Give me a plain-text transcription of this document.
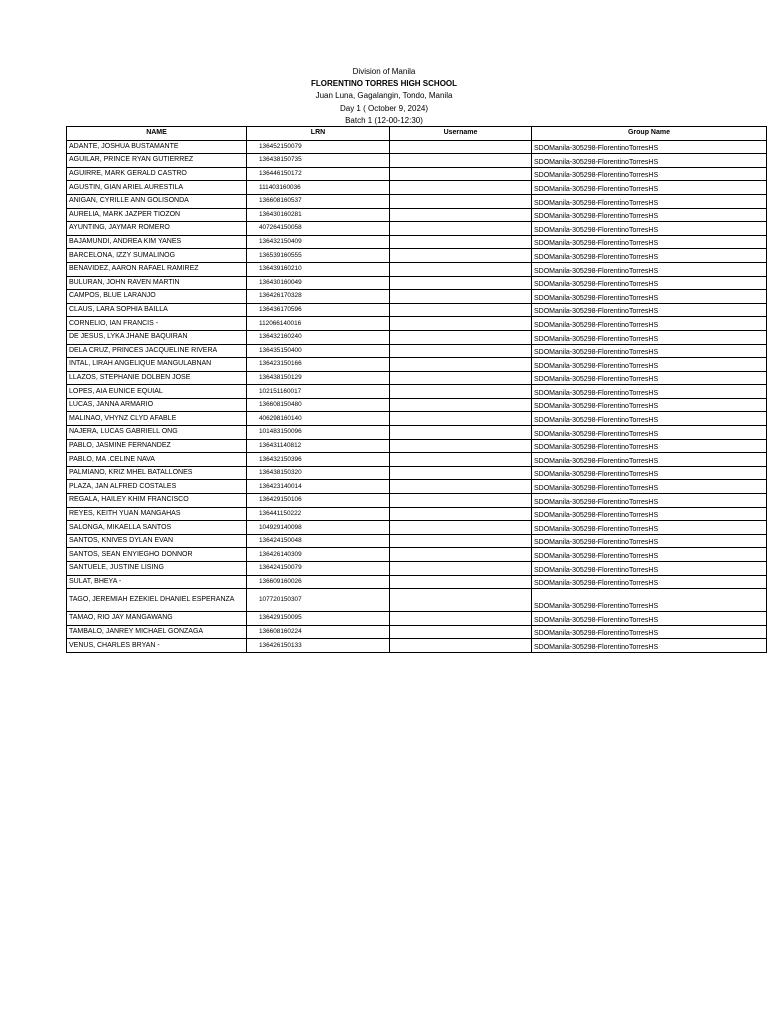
Division of Manila
FLORENTINO TORRES HIGH SCHOOL
Juan Luna, Gagalangin, Tondo, Manila
Day 1 ( October 9, 2024)
Batch 1 (12-00-12:30)
NAME	LRN	Username	Group Name
ADANTE, JOSHUA BUSTAMANTE	136452150079		SDOManila-305298-FlorentinoTorresHS
AGUILAR, PRINCE RYAN GUTIERREZ	136438150735		SDOManila-305298-FlorentinoTorresHS
AGUIRRE, MARK GERALD CASTRO	136446150172		SDOManila-305298-FlorentinoTorresHS
AGUSTIN, GIAN ARIEL AURESTILA	111403160036		SDOManila-305298-FlorentinoTorresHS
ANIGAN, CYRILLE ANN GOLISONDA	136608160537		SDOManila-305298-FlorentinoTorresHS
AURELIA, MARK JAZPER TIOZON	136430160281		SDOManila-305298-FlorentinoTorresHS
AYUNTING, JAYMAR ROMERO	407264150058		SDOManila-305298-FlorentinoTorresHS
BAJAMUNDI, ANDREA KIM YANES	136432150409		SDOManila-305298-FlorentinoTorresHS
BARCELONA, IZZY SUMALINOG	136539160555		SDOManila-305298-FlorentinoTorresHS
BENAVIDEZ, AARON RAFAEL RAMIREZ	136439160210		SDOManila-305298-FlorentinoTorresHS
BULURAN, JOHN RAVEN MARTIN	136430160049		SDOManila-305298-FlorentinoTorresHS
CAMPOS, BLUE LARANJO	136426170328		SDOManila-305298-FlorentinoTorresHS
CLAUS, LARA SOPHIA BAILLA	136436170596		SDOManila-305298-FlorentinoTorresHS
CORNELIO, IAN FRANCIS -	112066140016		SDOManila-305298-FlorentinoTorresHS
DE JESUS, LYKA JHANE BAQUIRAN	136432160240		SDOManila-305298-FlorentinoTorresHS
DELA CRUZ, PRINCES JACQUELINE RIVERA	136435150400		SDOManila-305298-FlorentinoTorresHS
INTAL, LIRAH ANGELIQUE MANGULABNAN	136423150166		SDOManila-305298-FlorentinoTorresHS
LLAZOS, STEPHANIE DOLBEN JOSE	136438150129		SDOManila-305298-FlorentinoTorresHS
LOPES, AIA EUNICE EQUIAL	102151160017		SDOManila-305298-FlorentinoTorresHS
LUCAS, JANNA ARMARIO	136608150480		SDOManila-305298-FlorentinoTorresHS
MALINAO, VHYNZ CLYD AFABLE	406298160140		SDOManila-305298-FlorentinoTorresHS
NAJERA, LUCAS GABRIELL ONG	101483150096		SDOManila-305298-FlorentinoTorresHS
PABLO, JASMINE FERNANDEZ	136431140812		SDOManila-305298-FlorentinoTorresHS
PABLO, MA .CELINE NAVA	136432150396		SDOManila-305298-FlorentinoTorresHS
PALMIANO, KRIZ MHEL BATALLONES	136438150320		SDOManila-305298-FlorentinoTorresHS
PLAZA, JAN ALFRED COSTALES	136423140014		SDOManila-305298-FlorentinoTorresHS
REGALA, HAILEY KHIM FRANCISCO	136429150106		SDOManila-305298-FlorentinoTorresHS
REYES, KEITH YUAN MANGAHAS	136441150222		SDOManila-305298-FlorentinoTorresHS
SALONGA, MIKAELLA SANTOS	104929140098		SDOManila-305298-FlorentinoTorresHS
SANTOS, KNIVES DYLAN EVAN	136424150048		SDOManila-305298-FlorentinoTorresHS
SANTOS, SEAN ENYIEGHO DONNOR	136426140309		SDOManila-305298-FlorentinoTorresHS
SANTUELE, JUSTINE LISING	136424150079		SDOManila-305298-FlorentinoTorresHS
SULAT, BHEYA -	136609160026		SDOManila-305298-FlorentinoTorresHS
TAGO, JEREMIAH EZEKIEL DHANIEL ESPERANZA	107720150307		SDOManila-305298-FlorentinoTorresHS
TAMAO, RIO JAY MANGAWANG	136429150095		SDOManila-305298-FlorentinoTorresHS
TAMBALO, JANREY MICHAEL GONZAGA	136608160224		SDOManila-305298-FlorentinoTorresHS
VENUS, CHARLES BRYAN -	136426150133		SDOManila-305298-FlorentinoTorresHS
